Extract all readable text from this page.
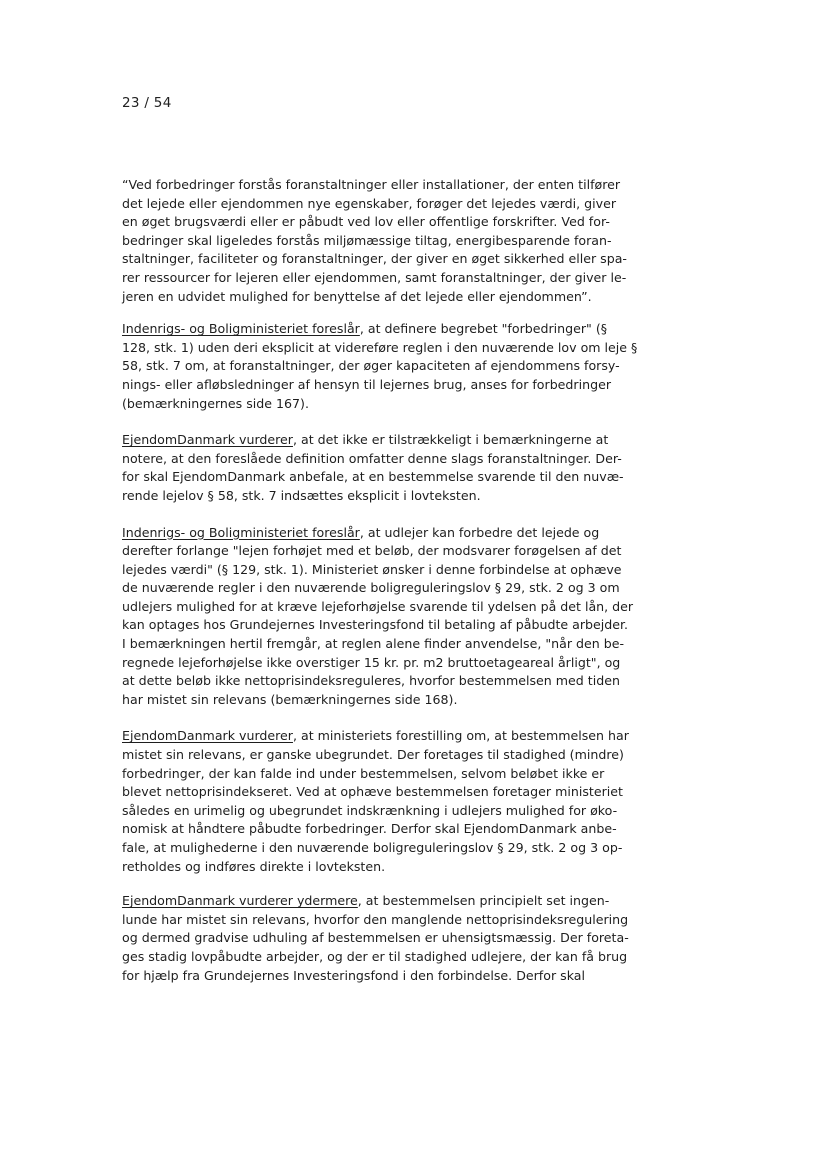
23 / 54

“Ved forbedringer forstås foranstaltninger eller installationer, der enten tilfører
det lejede eller ejendommen nye egenskaber, forøger det lejedes værdi, giver
en øget brugsværdi eller er påbudt ved lov eller offentlige forskrifter. Ved for-
bedringer skal ligeledes forstås miljømæssige tiltag, energibesparende foran-
staltninger, faciliteter og foranstaltninger, der giver en øget sikkerhed eller spa-
rer ressourcer for lejeren eller ejendommen, samt foranstaltninger, der giver le-
jeren en udvidet mulighed for benyttelse af det lejede eller ejendommen”.

Indenrigs- og Boligministeriet foreslår, at definere begrebet "forbedringer" (§
128, stk. 1) uden deri eksplicit at videreføre reglen i den nuværende lov om leje §
58, stk. 7 om, at foranstaltninger, der øger kapaciteten af ejendommens forsy-
nings- eller afløbsledninger af hensyn til lejernes brug, anses for forbedringer
(bemærkningernes side 167).

EjendomDanmark vurderer, at det ikke er tilstrækkeligt i bemærkningerne at
notere, at den foreslåede definition omfatter denne slags foranstaltninger. Der-
for skal EjendomDanmark anbefale, at en bestemmelse svarende til den nuvæ-
rende lejelov § 58, stk. 7 indsættes eksplicit i lovteksten.

Indenrigs- og Boligministeriet foreslår, at udlejer kan forbedre det lejede og
derefter forlange "lejen forhøjet med et beløb, der modsvarer forøgelsen af det
lejedes værdi" (§ 129, stk. 1). Ministeriet ønsker i denne forbindelse at ophæve
de nuværende regler i den nuværende boligreguleringslov § 29, stk. 2 og 3 om
udlejers mulighed for at kræve lejeforhøjelse svarende til ydelsen på det lån, der
kan optages hos Grundejernes Investeringsfond til betaling af påbudte arbejder.
I bemærkningen hertil fremgår, at reglen alene finder anvendelse, "når den be-
regnede lejeforhøjelse ikke overstiger 15 kr. pr. m2 bruttoetageareal årligt", og
at dette beløb ikke nettoprisindeksreguleres, hvorfor bestemmelsen med tiden
har mistet sin relevans (bemærkningernes side 168).

EjendomDanmark vurderer, at ministeriets forestilling om, at bestemmelsen har
mistet sin relevans, er ganske ubegrundet. Der foretages til stadighed (mindre)
forbedringer, der kan falde ind under bestemmelsen, selvom beløbet ikke er
blevet nettoprisindekseret. Ved at ophæve bestemmelsen foretager ministeriet
således en urimelig og ubegrundet indskrænkning i udlejers mulighed for øko-
nomisk at håndtere påbudte forbedringer. Derfor skal EjendomDanmark anbe-
fale, at mulighederne i den nuværende boligreguleringslov § 29, stk. 2 og 3 op-
retholdes og indføres direkte i lovteksten.

EjendomDanmark vurderer ydermere, at bestemmelsen principielt set ingen-
lunde har mistet sin relevans, hvorfor den manglende nettoprisindeksregulering
og dermed gradvise udhuling af bestemmelsen er uhensigtsmæssig. Der foreta-
ges stadig lovpåbudte arbejder, og der er til stadighed udlejere, der kan få brug
for hjælp fra Grundejernes Investeringsfond i den forbindelse. Derfor skal
